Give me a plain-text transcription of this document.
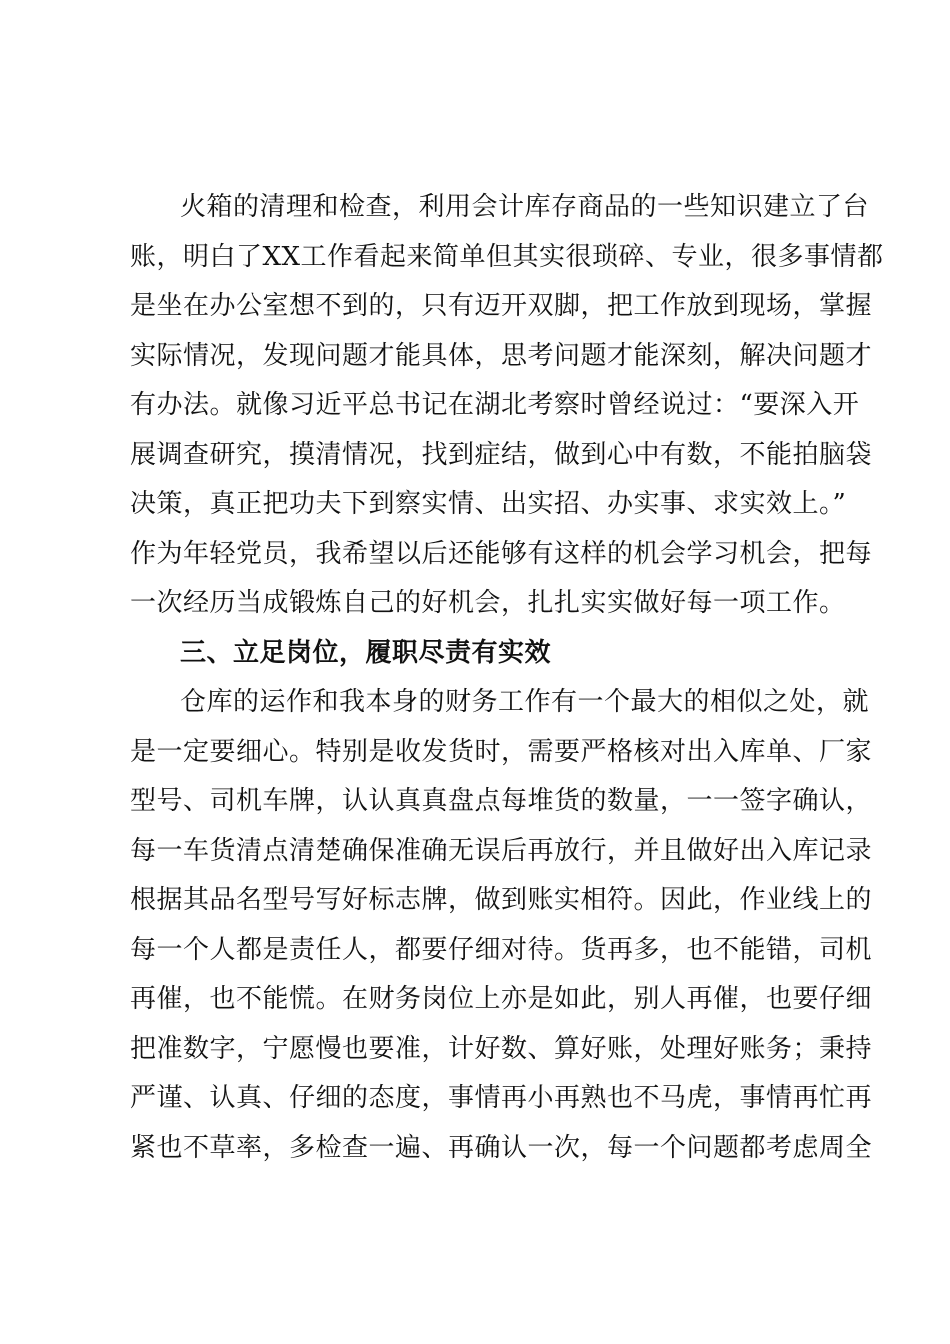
火箱的清理和检查，利用会计库存商品的一些知识建立了台
账，明白了XX工作看起来简单但其实很琐碎、专业，很多事情都
是坐在办公室想不到的，只有迈开双脚，把工作放到现场，掌握
实际情况，发现问题才能具体，思考问题才能深刻，解决问题才
有办法。就像习近平总书记在湖北考察时曾经说过：“要深入开
展调查研究，摸清情况，找到症结，做到心中有数，不能拍脑袋
决策，真正把功夫下到察实情、出实招、办实事、求实效上。”
作为年轻党员，我希望以后还能够有这样的机会学习机会，把每
一次经历当成锻炼自己的好机会，扎扎实实做好每一项工作。
三、立足岗位，履职尽责有实效
仓库的运作和我本身的财务工作有一个最大的相似之处，就
是一定要细心。特别是收发货时，需要严格核对出入库单、厂家
型号、司机车牌，认认真真盘点每堆货的数量，一一签字确认，
每一车货清点清楚确保准确无误后再放行，并且做好出入库记录
根据其品名型号写好标志牌，做到账实相符。因此，作业线上的
每一个人都是责任人，都要仔细对待。货再多，也不能错，司机
再催，也不能慌。在财务岗位上亦是如此，别人再催，也要仔细
把准数字，宁愿慢也要准，计好数、算好账，处理好账务；秉持
严谨、认真、仔细的态度，事情再小再熟也不马虎，事情再忙再
紧也不草率，多检查一遍、再确认一次，每一个问题都考虑周全
